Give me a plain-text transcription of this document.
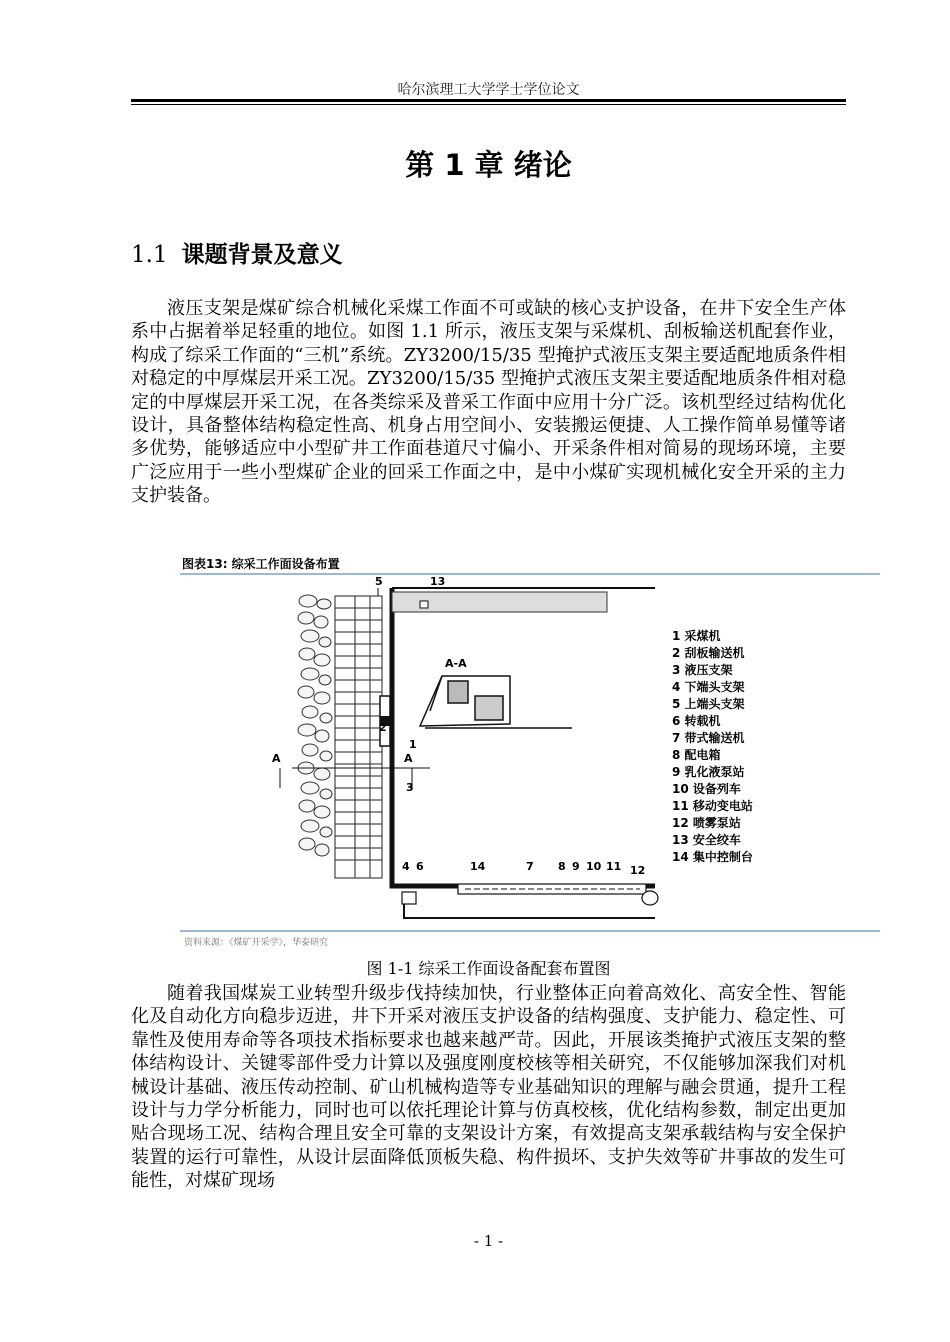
哈尔滨理工大学学士学位论文
第 1 章 绪论
1.1 课题背景及意义

液压支架是煤矿综合机械化采煤工作面不可或缺的核心支护设备，在井下安全生产体系中占据着举足轻重的地位。如图 1.1 所示，液压支架与采煤机、刮板输送机配套作业，构成了综采工作面的“三机”系统。ZY3200/15/35 型掩护式液压支架主要适配地质条件相对稳定的中厚煤层开采工况。ZY3200/15/35 型掩护式液压支架主要适配地质条件相对稳定的中厚煤层开采工况，在各类综采及普采工作面中应用十分广泛。该机型经过结构优化设计，具备整体结构稳定性高、机身占用空间小、安装搬运便捷、人工操作简单易懂等诸多优势，能够适应中小型矿井工作面巷道尺寸偏小、开采条件相对简易的现场环境，主要广泛应用于一些小型煤矿企业的回采工作面之中，是中小煤矿实现机械化安全开采的主力支护装备。

图表13: 综采工作面设备布置
A-A
A	A
5	13
2
1
3
4 6	14	7 8 9 10 11 12
1 采煤机
2 刮板输送机
3 液压支架
4 下端头支架
5 上端头支架
6 转载机
7 带式输送机
8 配电箱
9 乳化液泵站
10 设备列车
11 移动变电站
12 喷雾泵站
13 安全绞车
14 集中控制台
资料来源：《煤矿开采学》，华泰研究
图 1-1 综采工作面设备配套布置图

随着我国煤炭工业转型升级步伐持续加快，行业整体正向着高效化、高安全性、智能化及自动化方向稳步迈进，井下开采对液压支护设备的结构强度、支护能力、稳定性、可靠性及使用寿命等各项技术指标要求也越来越严苛。因此，开展该类掩护式液压支架的整体结构设计、关键零部件受力计算以及强度刚度校核等相关研究，不仅能够加深我们对机械设计基础、液压传动控制、矿山机械构造等专业基础知识的理解与融会贯通，提升工程设计与力学分析能力，同时也可以依托理论计算与仿真校核，优化结构参数，制定出更加贴合现场工况、结构合理且安全可靠的支架设计方案，有效提高支架承载结构与安全保护装置的运行可靠性，从设计层面降低顶板失稳、构件损坏、支护失效等矿井事故的发生可能性，对煤矿现场

- 1 -
